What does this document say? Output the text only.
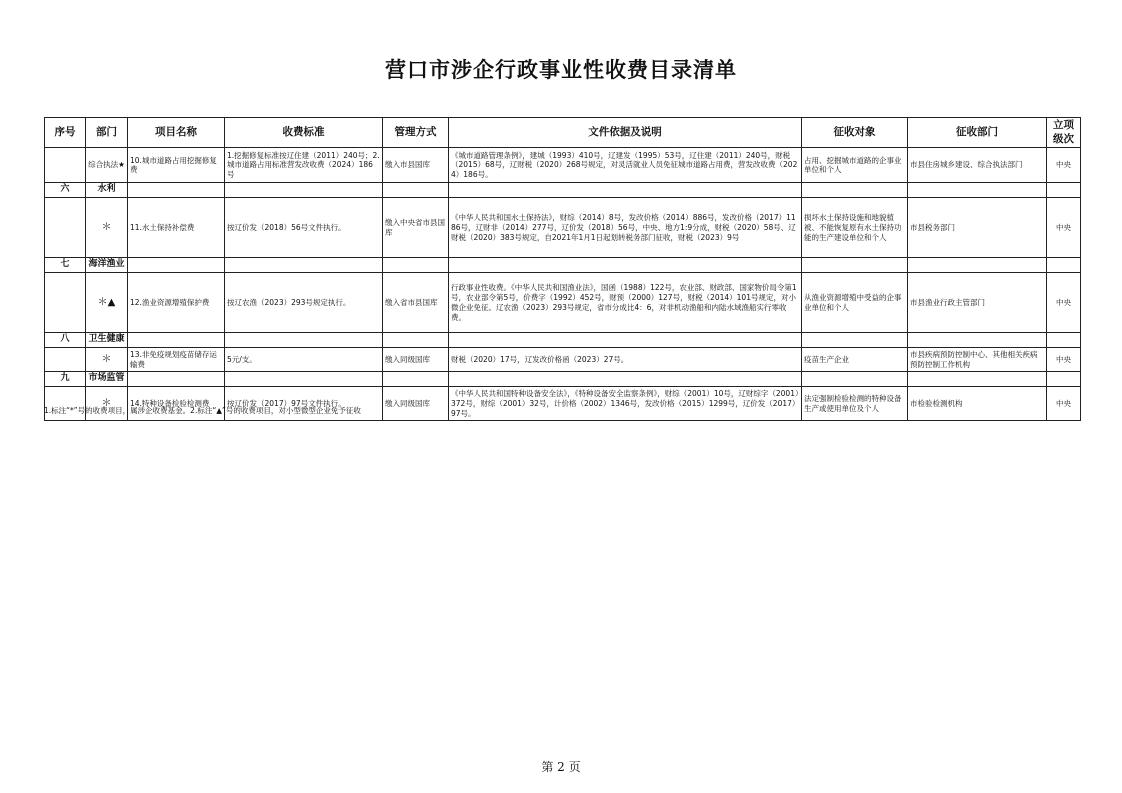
营口市涉企行政事业性收费目录清单
序号	部门	项目名称	收费标准	管理方式	文件依据及说明	征收对象	征收部门	立项级次
	综合执法★	10.城市道路占用挖掘修复费	1.挖掘修复标准按辽住建（2011）240号；2.城市道路占用标准营发改收费（2024）186号	缴入市县国库	《城市道路管理条例》，建城（1993）410号，辽建发（1995）53号，辽住建（2011）240号，财税（2015）68号，辽财税（2020）268号规定，对灵活就业人员免征城市道路占用费，营发改收费（2024）186号。	占用、挖掘城市道路的企事业单位和个人	市县住房城乡建设、综合执法部门	中央
六	水利							
	＊	11.水土保持补偿费	按辽价发（2018）56号文件执行。	缴入中央省市县国库	《中华人民共和国水土保持法》，财综（2014）8号，发改价格（2014）886号，发改价格（2017）1186号，辽财非（2014）277号，辽价发（2018）56号，中央、地方1:9分成，财税（2020）58号、辽财税（2020）383号规定，自2021年1月1日起划转税务部门征收，财税（2023）9号	损坏水土保持设施和地貌植被、不能恢复原有水土保持功能的生产建设单位和个人	市县税务部门	中央
七	海洋渔业							
	＊▲	12.渔业资源增殖保护费	按辽农渔（2023）293号规定执行。	缴入省市县国库	行政事业性收费。《中华人民共和国渔业法》，国函（1988）122号，农业部、财政部、国家物价局令第1号，农业部令第5号，价费字（1992）452号，财预（2000）127号，财税（2014）101号规定，对小微企业免征。辽农渔（2023）293号规定，省市分成比4：6，对非机动渔船和内陆水域渔船实行零收费。	从渔业资源增殖中受益的企事业单位和个人	市县渔业行政主管部门	中央
八	卫生健康							
	＊	13.非免疫规划疫苗储存运输费	5元/支。	缴入同级国库	财税（2020）17号，辽发改价格函（2023）27号。	疫苗生产企业	市县疾病预防控制中心、其他相关疾病预防控制工作机构	中央
九	市场监管							
	＊	14.特种设备检验检测费	按辽价发（2017）97号文件执行。	缴入同级国库	《中华人民共和国特种设备安全法》，《特种设备安全监察条例》，财综（2001）10号，辽财综字（2001）372号，财综（2001）32号，计价格（2002）1346号，发改价格（2015）1299号，辽价发（2017）97号。	法定强制检验检测的特种设备生产或使用单位及个人	市检验检测机构	中央
1.标注“*”号的收费项目，属涉企收费基金。2.标注“▲”号的收费项目，对小型微型企业免予征收
第 2 页
